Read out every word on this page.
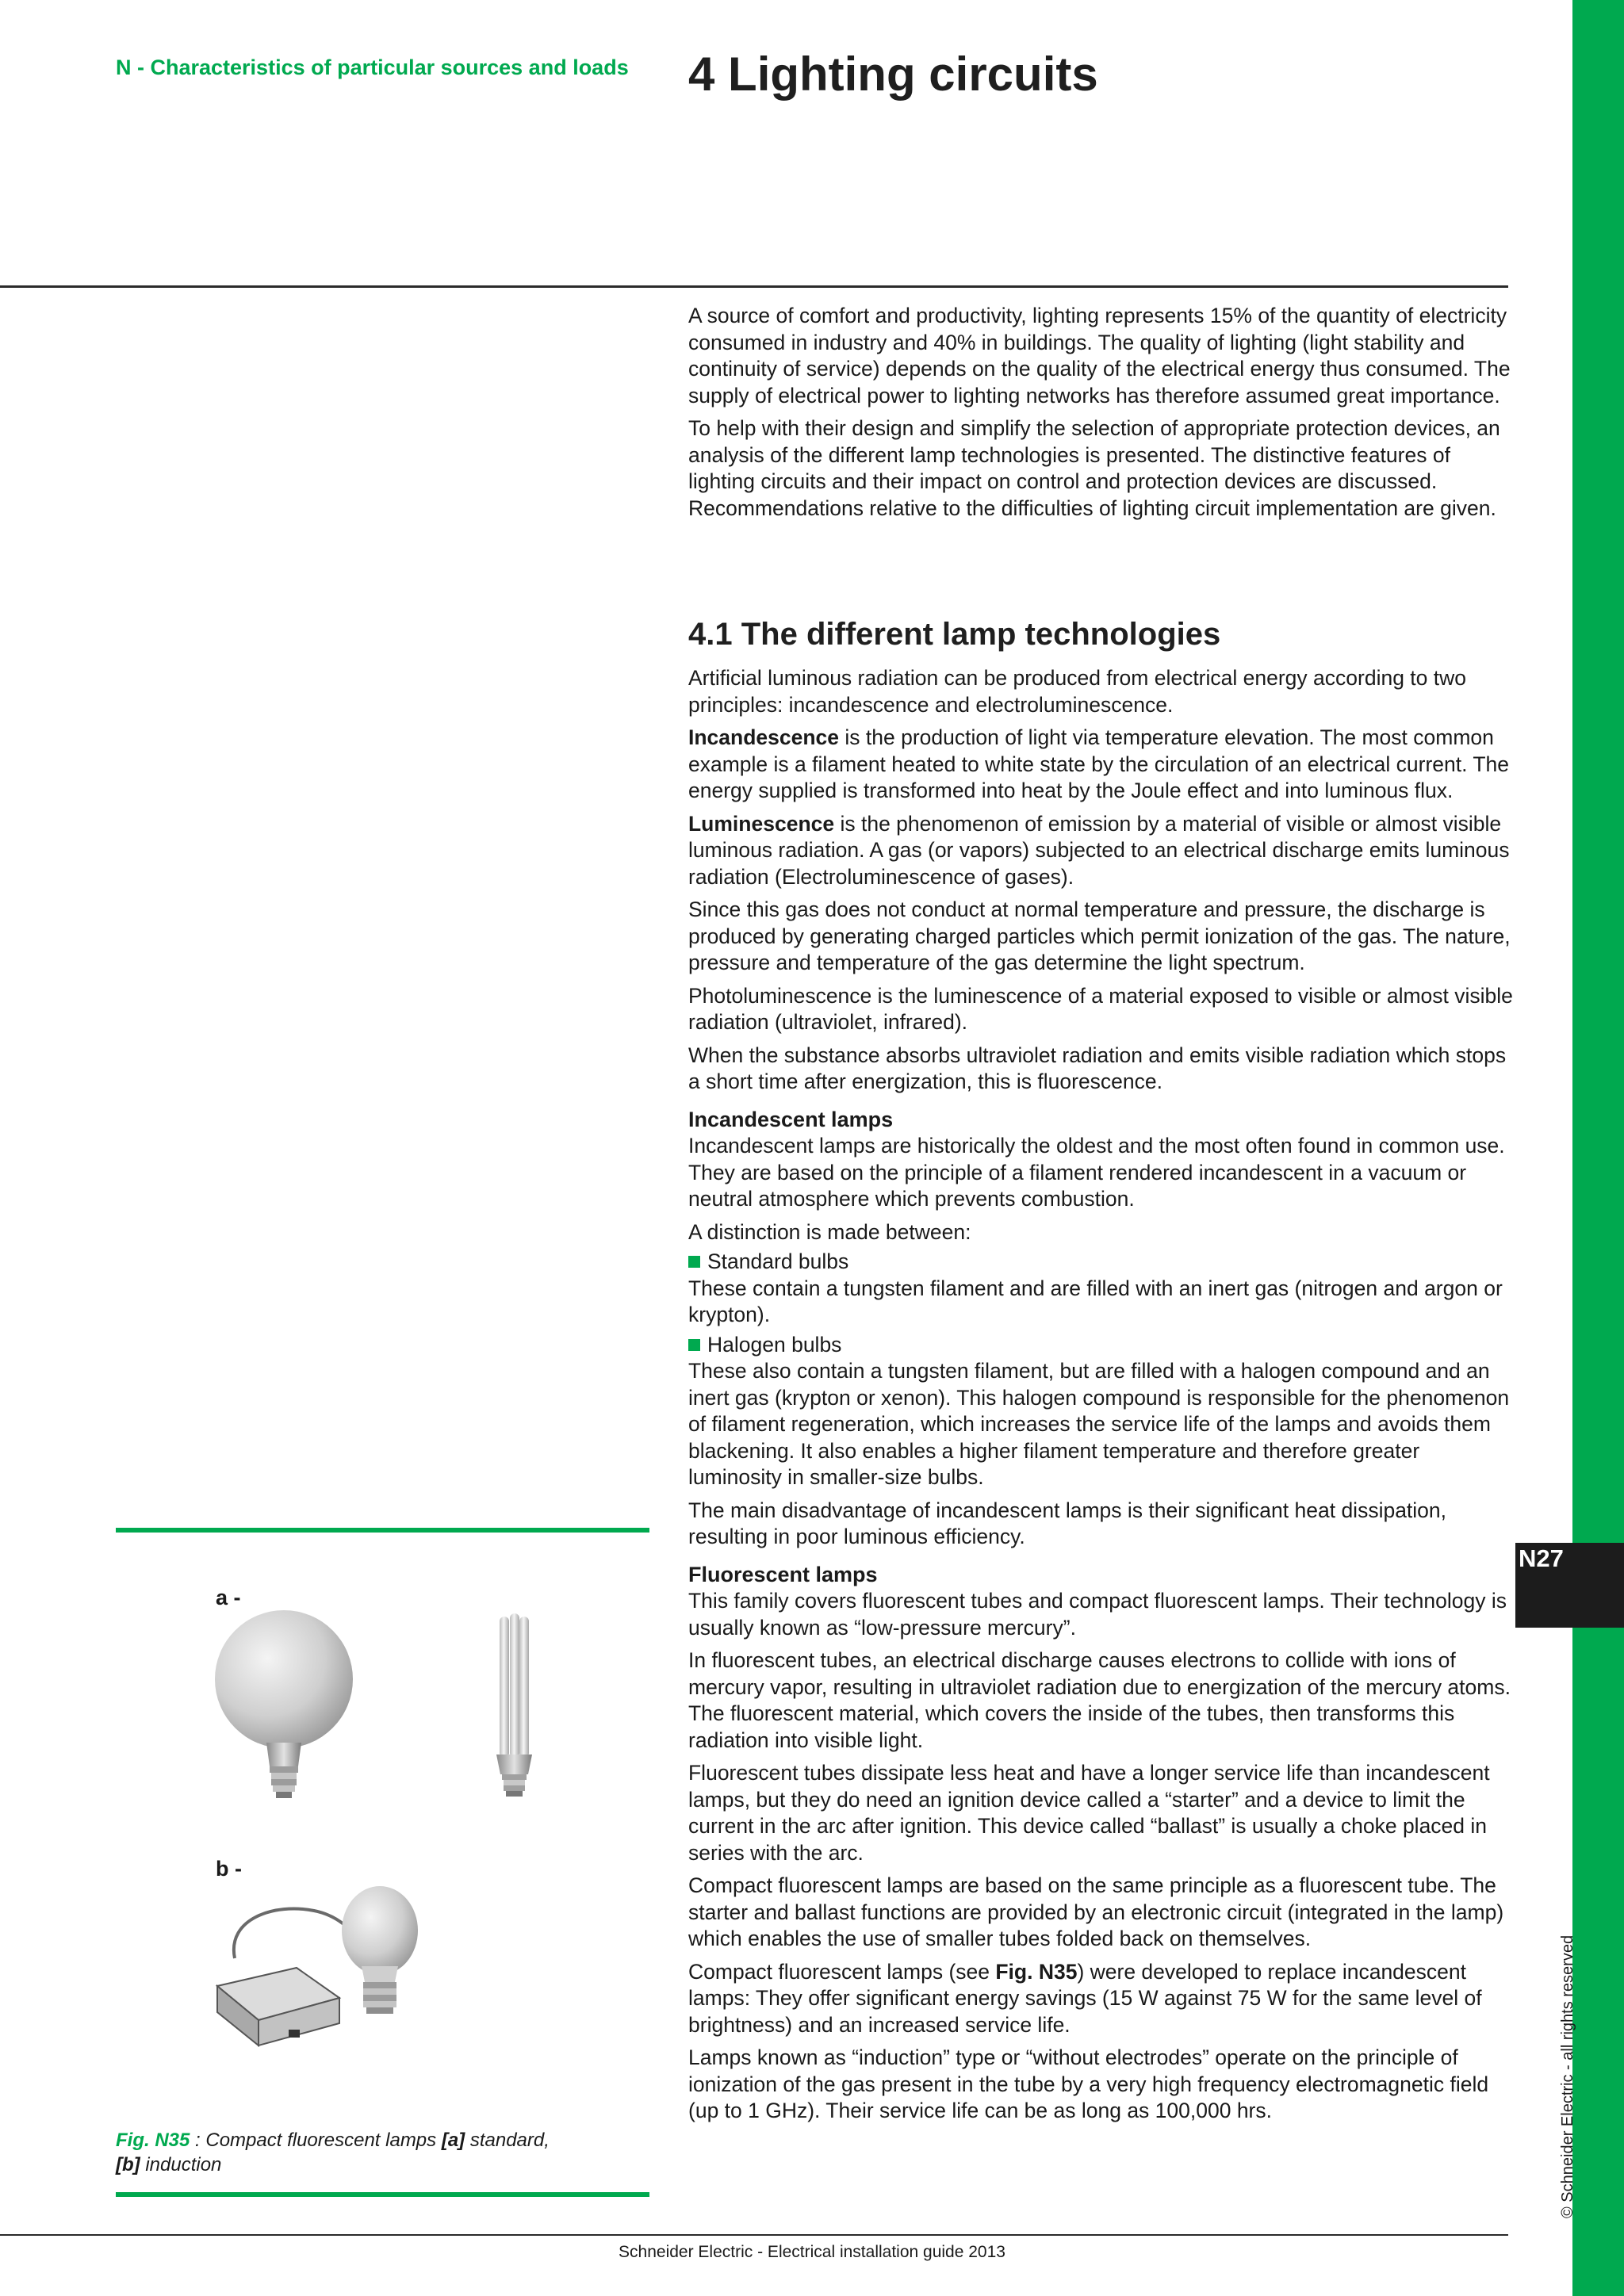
N27
© Schneider Electric - all rights reserved
N - Characteristics of particular sources and loads 4 Lighting circuits

A source of comfort and productivity, lighting represents 15% of the quantity of electricity consumed in industry and 40% in buildings. The quality of lighting (light stability and continuity of service) depends on the quality of the electrical energy thus consumed. The supply of electrical power to lighting networks has therefore assumed great importance.

To help with their design and simplify the selection of appropriate protection devices, an analysis of the different lamp technologies is presented. The distinctive features of lighting circuits and their impact on control and protection devices are discussed. Recommendations relative to the difficulties of lighting circuit implementation are given.

4.1 The different lamp technologies

Artificial luminous radiation can be produced from electrical energy according to two principles: incandescence and electroluminescence.

Incandescence is the production of light via temperature elevation. The most common example is a filament heated to white state by the circulation of an electrical current. The energy supplied is transformed into heat by the Joule effect and into luminous flux.

Luminescence is the phenomenon of emission by a material of visible or almost visible luminous radiation. A gas (or vapors) subjected to an electrical discharge emits luminous radiation (Electroluminescence of gases).

Since this gas does not conduct at normal temperature and pressure, the discharge is produced by generating charged particles which permit ionization of the gas. The nature, pressure and temperature of the gas determine the light spectrum.

Photoluminescence is the luminescence of a material exposed to visible or almost visible radiation (ultraviolet, infrared).

When the substance absorbs ultraviolet radiation and emits visible radiation which stops a short time after energization, this is fluorescence.

Incandescent lamps

Incandescent lamps are historically the oldest and the most often found in common use.

They are based on the principle of a filament rendered incandescent in a vacuum or neutral atmosphere which prevents combustion.

A distinction is made between:

Standard bulbs

These contain a tungsten filament and are filled with an inert gas (nitrogen and argon or krypton).

Halogen bulbs

These also contain a tungsten filament, but are filled with a halogen compound and an inert gas (krypton or xenon). This halogen compound is responsible for the phenomenon of filament regeneration, which increases the service life of the lamps and avoids them blackening. It also enables a higher filament temperature and therefore greater luminosity in smaller-size bulbs.

The main disadvantage of incandescent lamps is their significant heat dissipation, resulting in poor luminous efficiency.

Fluorescent lamps

This family covers fluorescent tubes and compact fluorescent lamps. Their technology is usually known as “low-pressure mercury”.

In fluorescent tubes, an electrical discharge causes electrons to collide with ions of mercury vapor, resulting in ultraviolet radiation due to energization of the mercury atoms. The fluorescent material, which covers the inside of the tubes, then transforms this radiation into visible light.

Fluorescent tubes dissipate less heat and have a longer service life than incandescent lamps, but they do need an ignition device called a “starter” and a device to limit the current in the arc after ignition. This device called “ballast” is usually a choke placed in series with the arc.

Compact fluorescent lamps are based on the same principle as a fluorescent tube. The starter and ballast functions are provided by an electronic circuit (integrated in the lamp) which enables the use of smaller tubes folded back on themselves.

Compact fluorescent lamps (see Fig. N35) were developed to replace incandescent lamps: They offer significant energy savings (15 W against 75 W for the same level of brightness) and an increased service life.

Lamps known as “induction” type or “without electrodes” operate on the principle of ionization of the gas present in the tube by a very high frequency electromagnetic field (up to 1 GHz). Their service life can be as long as 100,000 hrs.

a -
b -
Fig. N35 : Compact fluorescent lamps [a] standard,
[b] induction
Schneider Electric - Electrical installation guide 2013
